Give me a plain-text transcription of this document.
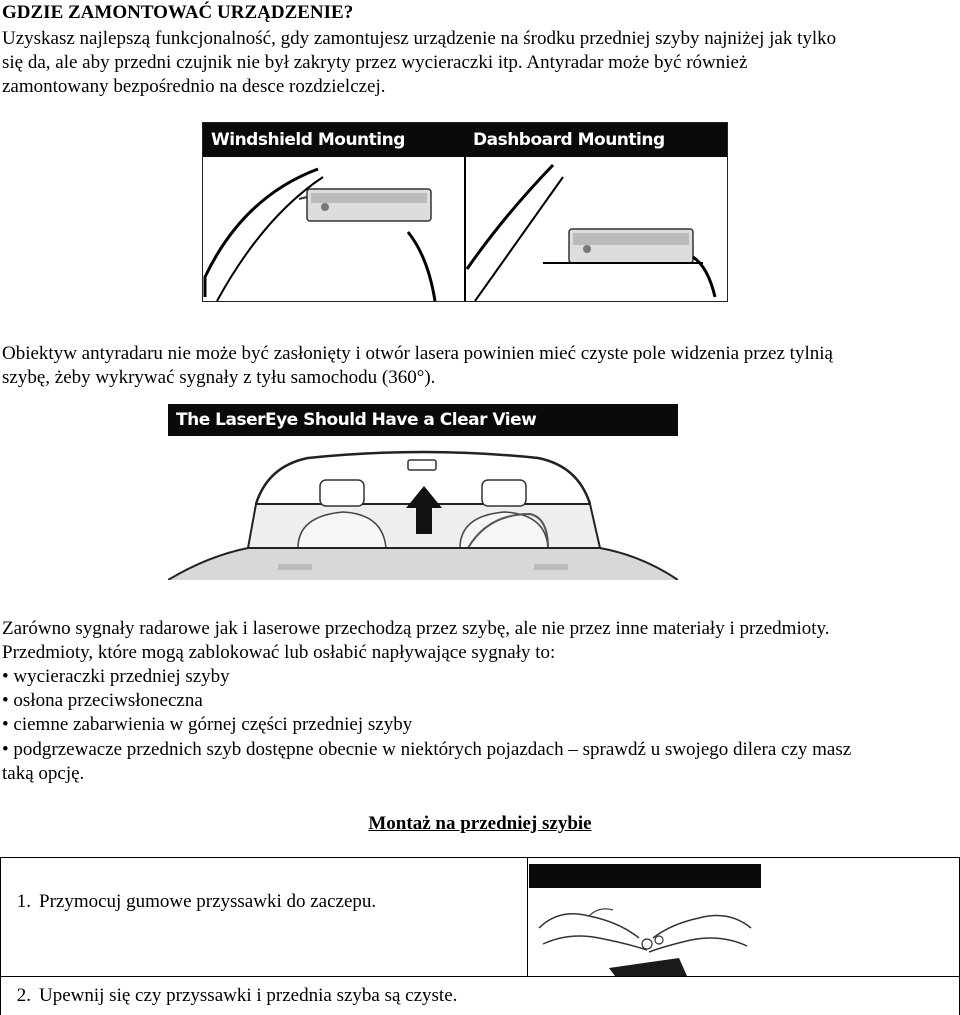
GDZIE ZAMONTOWAĆ URZĄDZENIE?
Uzyskasz najlepszą funkcjonalność, gdy zamontujesz urządzenie na środku przedniej szyby najniżej jak tylko
się da, ale aby przedni czujnik nie był zakryty przez wycieraczki itp. Antyradar może być również
zamontowany bezpośrednio na desce rozdzielczej.
Windshield Mounting	Dashboard Mounting
Obiektyw antyradaru nie może być zasłonięty i otwór lasera powinien mieć czyste pole widzenia przez tylnią
szybę, żeby wykrywać sygnały z tyłu samochodu (360°).
The LaserEye Should Have a Clear View
Zarówno sygnały radarowe jak i laserowe przechodzą przez szybę, ale nie przez inne materiały i przedmioty.
Przedmioty, które mogą zablokować lub osłabić napływające sygnały to:
• wycieraczki przedniej szyby
• osłona przeciwsłoneczna
• ciemne zabarwienia w górnej części przedniej szyby
• podgrzewacze przednich szyb dostępne obecnie w niektórych pojazdach – sprawdź u swojego dilera czy masz
taką opcję.
Montaż na przedniej szybie
1. Przymocuj gumowe przyssawki do zaczepu.
2. Upewnij się czy przyssawki i przednia szyba są czyste.
